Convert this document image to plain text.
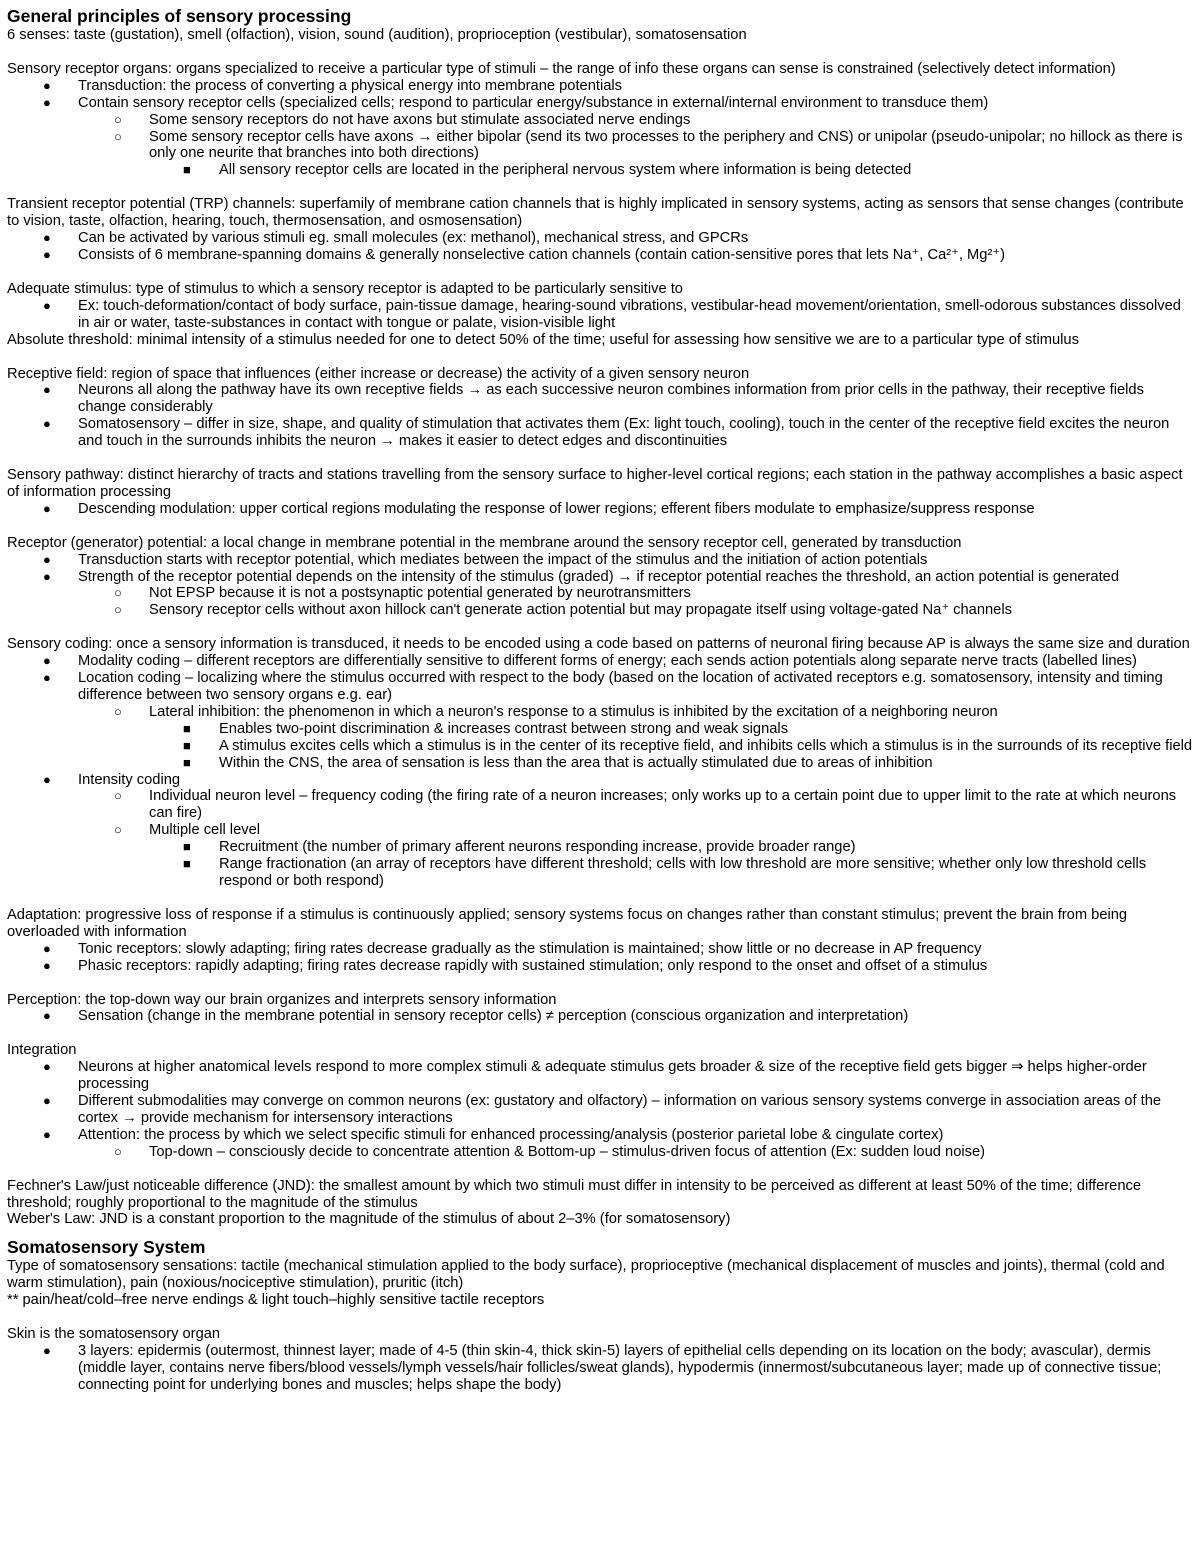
General principles of sensory processing

6 senses: taste (gustation), smell (olfaction), vision, sound (audition), proprioception (vestibular), somatosensation

Sensory receptor organs: organs specialized to receive a particular type of stimuli – the range of info these organs can sense is constrained (selectively detect information)

● Transduction: the process of converting a physical energy into membrane potentials
● Contain sensory receptor cells (specialized cells; respond to particular energy/substance in external/internal environment to transduce them)
○ Some sensory receptors do not have axons but stimulate associated nerve endings
○ Some sensory receptor cells have axons → either bipolar (send its two processes to the periphery and CNS) or unipolar (pseudo-unipolar; no hillock as there is only one neurite that branches into both directions)
■ All sensory receptor cells are located in the peripheral nervous system where information is being detected

Transient receptor potential (TRP) channels: superfamily of membrane cation channels that is highly implicated in sensory systems, acting as sensors that sense changes (contribute to vision, taste, olfaction, hearing, touch, thermosensation, and osmosensation)

● Can be activated by various stimuli eg. small molecules (ex: methanol), mechanical stress, and GPCRs
● Consists of 6 membrane-spanning domains & generally nonselective cation channels (contain cation-sensitive pores that lets Na⁺, Ca²⁺, Mg²⁺)

Adequate stimulus: type of stimulus to which a sensory receptor is adapted to be particularly sensitive to

● Ex: touch-deformation/contact of body surface, pain-tissue damage, hearing-sound vibrations, vestibular-head movement/orientation, smell-odorous substances dissolved in air or water, taste-substances in contact with tongue or palate, vision-visible light

Absolute threshold: minimal intensity of a stimulus needed for one to detect 50% of the time; useful for assessing how sensitive we are to a particular type of stimulus

Receptive field: region of space that influences (either increase or decrease) the activity of a given sensory neuron

● Neurons all along the pathway have its own receptive fields → as each successive neuron combines information from prior cells in the pathway, their receptive fields change considerably
● Somatosensory – differ in size, shape, and quality of stimulation that activates them (Ex: light touch, cooling), touch in the center of the receptive field excites the neuron and touch in the surrounds inhibits the neuron → makes it easier to detect edges and discontinuities

Sensory pathway: distinct hierarchy of tracts and stations travelling from the sensory surface to higher-level cortical regions; each station in the pathway accomplishes a basic aspect of information processing

● Descending modulation: upper cortical regions modulating the response of lower regions; efferent fibers modulate to emphasize/suppress response

Receptor (generator) potential: a local change in membrane potential in the membrane around the sensory receptor cell, generated by transduction

● Transduction starts with receptor potential, which mediates between the impact of the stimulus and the initiation of action potentials
● Strength of the receptor potential depends on the intensity of the stimulus (graded) → if receptor potential reaches the threshold, an action potential is generated
○ Not EPSP because it is not a postsynaptic potential generated by neurotransmitters
○ Sensory receptor cells without axon hillock can't generate action potential but may propagate itself using voltage-gated Na⁺ channels

Sensory coding: once a sensory information is transduced, it needs to be encoded using a code based on patterns of neuronal firing because AP is always the same size and duration

● Modality coding – different receptors are differentially sensitive to different forms of energy; each sends action potentials along separate nerve tracts (labelled lines)
● Location coding – localizing where the stimulus occurred with respect to the body (based on the location of activated receptors e.g. somatosensory, intensity and timing difference between two sensory organs e.g. ear)
○ Lateral inhibition: the phenomenon in which a neuron's response to a stimulus is inhibited by the excitation of a neighboring neuron
■ Enables two-point discrimination & increases contrast between strong and weak signals
■ A stimulus excites cells which a stimulus is in the center of its receptive field, and inhibits cells which a stimulus is in the surrounds of its receptive field
■ Within the CNS, the area of sensation is less than the area that is actually stimulated due to areas of inhibition
● Intensity coding
○ Individual neuron level – frequency coding (the firing rate of a neuron increases; only works up to a certain point due to upper limit to the rate at which neurons can fire)
○ Multiple cell level
■ Recruitment (the number of primary afferent neurons responding increase, provide broader range)
■ Range fractionation (an array of receptors have different threshold; cells with low threshold are more sensitive; whether only low threshold cells respond or both respond)

Adaptation: progressive loss of response if a stimulus is continuously applied; sensory systems focus on changes rather than constant stimulus; prevent the brain from being overloaded with information

● Tonic receptors: slowly adapting; firing rates decrease gradually as the stimulation is maintained; show little or no decrease in AP frequency
● Phasic receptors: rapidly adapting; firing rates decrease rapidly with sustained stimulation; only respond to the onset and offset of a stimulus

Perception: the top-down way our brain organizes and interprets sensory information

● Sensation (change in the membrane potential in sensory receptor cells) ≠ perception (conscious organization and interpretation)

Integration

● Neurons at higher anatomical levels respond to more complex stimuli & adequate stimulus gets broader & size of the receptive field gets bigger ⇒ helps higher-order processing
● Different submodalities may converge on common neurons (ex: gustatory and olfactory) – information on various sensory systems converge in association areas of the cortex → provide mechanism for intersensory interactions
● Attention: the process by which we select specific stimuli for enhanced processing/analysis (posterior parietal lobe & cingulate cortex)
○ Top-down – consciously decide to concentrate attention & Bottom-up – stimulus-driven focus of attention (Ex: sudden loud noise)

Fechner's Law/just noticeable difference (JND): the smallest amount by which two stimuli must differ in intensity to be perceived as different at least 50% of the time; difference threshold; roughly proportional to the magnitude of the stimulus

Weber's Law: JND is a constant proportion to the magnitude of the stimulus of about 2–3% (for somatosensory)

Somatosensory System

Type of somatosensory sensations: tactile (mechanical stimulation applied to the body surface), proprioceptive (mechanical displacement of muscles and joints), thermal (cold and warm stimulation), pain (noxious/nociceptive stimulation), pruritic (itch)

** pain/heat/cold–free nerve endings & light touch–highly sensitive tactile receptors

Skin is the somatosensory organ

● 3 layers: epidermis (outermost, thinnest layer; made of 4-5 (thin skin-4, thick skin-5) layers of epithelial cells depending on its location on the body; avascular), dermis (middle layer, contains nerve fibers/blood vessels/lymph vessels/hair follicles/sweat glands), hypodermis (innermost/subcutaneous layer; made up of connective tissue; connecting point for underlying bones and muscles; helps shape the body)
